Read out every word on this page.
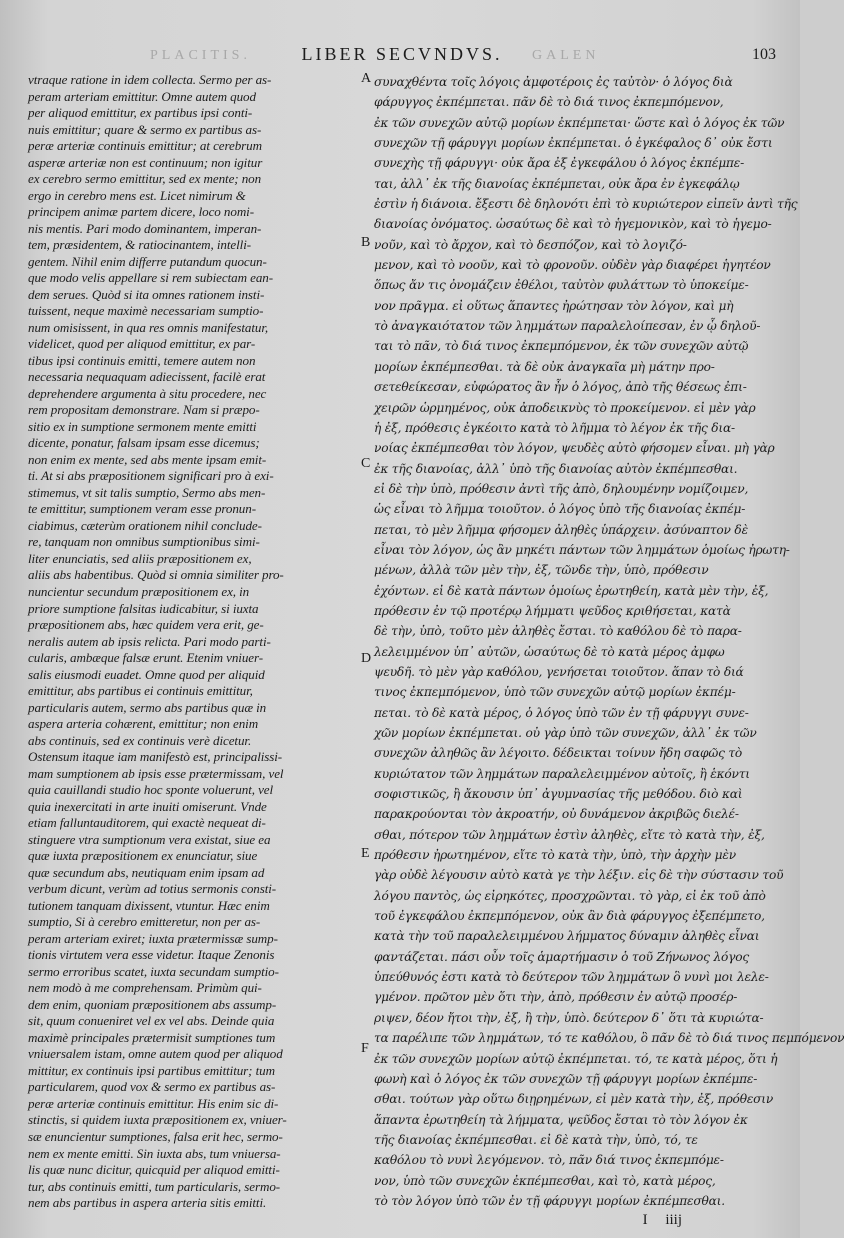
PLACITIS.	LIBER SECVNDVS.	GALEN	103
vtraque ratione in idem collecta. Sermo per as-
peram arteriam emittitur. Omne autem quod
per aliquod emittitur, ex partibus ipsi conti-
nuis emittitur; quare & sermo ex partibus as-
peræ arteriæ continuis emittitur; at cerebrum
asperæ arteriæ non est continuum; non igitur
ex cerebro sermo emittitur, sed ex mente; non
ergo in cerebro mens est. Licet nimirum &
principem animæ partem dicere, loco nomi-
nis mentis. Pari modo dominantem, imperan-
tem, præsidentem, & ratiocinantem, intelli-
gentem. Nihil enim differre putandum quocun-
que modo velis appellare si rem subiectam ean-
dem serues. Quòd si ita omnes rationem insti-
tuissent, neque maximè necessariam sumptio-
num omisissent, in qua res omnis manifestatur,
videlicet, quod per aliquod emittitur, ex par-
tibus ipsi continuis emitti, temere autem non
necessaria nequaquam adiecissent, facilè erat
deprehendere argumenta à situ procedere, nec
rem propositam demonstrare. Nam si præpo-
sitio ex in sumptione sermonem mente emitti
dicente, ponatur, falsam ipsam esse dicemus;
non enim ex mente, sed abs mente ipsam emit-
ti. At si abs præpositionem significari pro à exi-
stimemus, vt sit talis sumptio, Sermo abs men-
te emittitur, sumptionem veram esse pronun-
ciabimus, cæterùm orationem nihil conclude-
re, tanquam non omnibus sumptionibus simi-
liter enunciatis, sed aliis præpositionem ex,
aliis abs habentibus. Quòd si omnia similiter pro-
nuncientur secundum præpositionem ex, in
priore sumptione falsitas iudicabitur, si iuxta
præpositionem abs, hæc quidem vera erit, ge-
neralis autem ab ipsis relicta. Pari modo parti-
cularis, ambæque falsæ erunt. Etenim vniuer-
salis eiusmodi euadet. Omne quod per aliquid
emittitur, abs partibus ei continuis emittitur,
particularis autem, sermo abs partibus quæ in
aspera arteria cohærent, emittitur; non enim
abs continuis, sed ex continuis verè dicetur.
Ostensum itaque iam manifestò est, principalissi-
mam sumptionem ab ipsis esse prætermissam, vel
quia cauillandi studio hoc sponte voluerunt, vel
quia inexercitati in arte inuiti omiserunt. Vnde
etiam falluntauditorem, qui exactè nequeat di-
stinguere vtra sumptionum vera existat, siue ea
quæ iuxta præpositionem ex enunciatur, siue
quæ secundum abs, neutiquam enim ipsam ad
verbum dicunt, verùm ad totius sermonis consti-
tutionem tanquam dixissent, vtuntur. Hæc enim
sumptio, Si à cerebro emitteretur, non per as-
peram arteriam exiret; iuxta prætermissæ sump-
tionis virtutem vera esse videtur. Itaque Zenonis
sermo erroribus scatet, iuxta secundam sumptio-
nem modò à me comprehensam. Primùm qui-
dem enim, quoniam præpositionem abs assump-
sit, quum conueniret vel ex vel abs. Deinde quia
maximè principales prætermisit sumptiones tum
vniuersalem istam, omne autem quod per aliquod
mittitur, ex continuis ipsi partibus emittitur; tum
particularem, quod vox & sermo ex partibus as-
peræ arteriæ continuis emittitur. His enim sic di-
stinctis, si quidem iuxta præpositionem ex, vniuer-
sæ enuncientur sumptiones, falsa erit hec, sermo-
nem ex mente emitti. Sin iuxta abs, tum vniuersa-
lis quæ nunc dicitur, quicquid per aliquod emitti-
tur, abs continuis emitti, tum particularis, sermo-
nem abs partibus in aspera arteria sitis emitti.
A
B
C
D
E
F
συναχθέντα τοῖς λόγοις ἀμφοτέροις ἐς ταὐτὸν· ὁ λόγος διὰ
φάρυγγος ἐκπέμπεται. πᾶν δὲ τὸ διά τινος ἐκπεμπόμενον,
ἐκ τῶν συνεχῶν αὐτῷ μορίων ἐκπέμπεται· ὥστε καὶ ὁ λόγος ἐκ τῶν
συνεχῶν τῇ φάρυγγι μορίων ἐκπέμπεται. ὁ ἐγκέφαλος δ᾿ οὐκ ἔστι
συνεχὴς τῇ φάρυγγι· οὐκ ἄρα ἐξ ἐγκεφάλου ὁ λόγος ἐκπέμπε-
ται, ἀλλ᾿ ἐκ τῆς διανοίας ἐκπέμπεται, οὐκ ἄρα ἐν ἐγκεφάλῳ
ἐστὶν ἡ διάνοια. ἔξεστι δὲ δηλονότι ἐπὶ τὸ κυριώτερον εἰπεῖν ἀντὶ τῆς
διανοίας ὀνόματος. ὡσαύτως δὲ καὶ τὸ ἡγεμονικὸν, καὶ τὸ ἡγεμο-
νοῦν, καὶ τὸ ἄρχον, καὶ τὸ δεσπόζον, καὶ τὸ λογιζό-
μενον, καὶ τὸ νοοῦν, καὶ τὸ φρονοῦν. οὐδὲν γὰρ διαφέρει ἡγητέον
ὅπως ἄν τις ὀνομάζειν ἐθέλοι, ταὐτὸν φυλάττων τὸ ὑποκείμε-
νον πρᾶγμα. εἰ οὕτως ἅπαντες ἠρώτησαν τὸν λόγον, καὶ μὴ
τὸ ἀναγκαιότατον τῶν λημμάτων παραλελοίπεσαν, ἐν ᾧ δηλοῦ-
ται τὸ πᾶν, τὸ διά τινος ἐκπεμπόμενον, ἐκ τῶν συνεχῶν αὐτῷ
μορίων ἐκπέμπεσθαι. τὰ δὲ οὐκ ἀναγκαῖα μὴ μάτην προ-
σετεθείκεσαν, εὐφώρατος ἂν ἦν ὁ λόγος, ἀπὸ τῆς θέσεως ἐπι-
χειρῶν ὡρμημένος, οὐκ ἀποδεικνὺς τὸ προκείμενον. εἰ μὲν γὰρ
ἡ ἐξ, πρόθεσις ἐγκέοιτο κατὰ τὸ λῆμμα τὸ λέγον ἐκ τῆς δια-
νοίας ἐκπέμπεσθαι τὸν λόγον, ψευδὲς αὐτὸ φήσομεν εἶναι. μὴ γὰρ
ἐκ τῆς διανοίας, ἀλλ᾿ ὑπὸ τῆς διανοίας αὐτὸν ἐκπέμπεσθαι.
εἰ δὲ τὴν ὑπὸ, πρόθεσιν ἀντὶ τῆς ἀπὸ, δηλουμένην νομίζοιμεν,
ὡς εἶναι τὸ λῆμμα τοιοῦτον. ὁ λόγος ὑπὸ τῆς διανοίας ἐκπέμ-
πεται, τὸ μὲν λῆμμα φήσομεν ἀληθὲς ὑπάρχειν. ἀσύναπτον δὲ
εἶναι τὸν λόγον, ὡς ἂν μηκέτι πάντων τῶν λημμάτων ὁμοίως ἠρωτη-
μένων, ἀλλὰ τῶν μὲν τὴν, ἐξ, τῶνδε τὴν, ὑπὸ, πρόθεσιν
ἐχόντων. εἰ δὲ κατὰ πάντων ὁμοίως ἐρωτηθείη, κατὰ μὲν τὴν, ἐξ,
πρόθεσιν ἐν τῷ προτέρῳ λήμματι ψεῦδος κριθήσεται, κατὰ
δὲ τὴν, ὑπὸ, τοῦτο μὲν ἀληθὲς ἔσται. τὸ καθόλου δὲ τὸ παρα-
λελειμμένον ὑπ᾿ αὐτῶν, ὡσαύτως δὲ τὸ κατὰ μέρος ἀμφω
ψευδῆ. τὸ μὲν γὰρ καθόλου, γενήσεται τοιοῦτον. ἅπαν τὸ διά
τινος ἐκπεμπόμενον, ὑπὸ τῶν συνεχῶν αὐτῷ μορίων ἐκπέμ-
πεται. τὸ δὲ κατὰ μέρος, ὁ λόγος ὑπὸ τῶν ἐν τῇ φάρυγγι συνε-
χῶν μορίων ἐκπέμπεται. οὐ γὰρ ὑπὸ τῶν συνεχῶν, ἀλλ᾿ ἐκ τῶν
συνεχῶν ἀληθῶς ἂν λέγοιτο. δέδεικται τοίνυν ἤδη σαφῶς τὸ
κυριώτατον τῶν λημμάτων παραλελειμμένον αὐτοῖς, ἢ ἑκόντι
σοφιστικῶς, ἢ ἄκουσιν ὑπ᾿ ἀγυμνασίας τῆς μεθόδου. διὸ καὶ
παρακρούονται τὸν ἀκροατήν, οὐ δυνάμενον ἀκριβῶς διελέ-
σθαι, πότερον τῶν λημμάτων ἐστὶν ἀληθὲς, εἴτε τὸ κατὰ τὴν, ἐξ,
πρόθεσιν ἠρωτημένον, εἴτε τὸ κατὰ τὴν, ὑπὸ, τὴν ἀρχὴν μὲν
γὰρ οὐδὲ λέγουσιν αὐτὸ κατὰ γε τὴν λέξιν. εἰς δὲ τὴν σύστασιν τοῦ
λόγου παντὸς, ὡς εἰρηκότες, προσχρῶνται. τὸ γὰρ, εἰ ἐκ τοῦ ἀπὸ
τοῦ ἐγκεφάλου ἐκπεμπόμενον, οὐκ ἂν διὰ φάρυγγος ἐξεπέμπετο,
κατὰ τὴν τοῦ παραλελειμμένου λήμματος δύναμιν ἀληθὲς εἶναι
φαντάζεται. πάσι οὖν τοῖς ἁμαρτήμασιν ὁ τοῦ Ζήνωνος λόγος
ὑπεύθυνός ἐστι κατὰ τὸ δεύτερον τῶν λημμάτων ὃ νυνὶ μοι λελε-
γμένον. πρῶτον μὲν ὅτι τὴν, ἀπὸ, πρόθεσιν ἐν αὐτῷ προσέρ-
ριψεν, δέον ἤτοι τὴν, ἐξ, ἢ τὴν, ὑπὸ. δεύτερον δ᾿ ὅτι τὰ κυριώτα-
τα παρέλιπε τῶν λημμάτων, τό τε καθόλου, ὃ πᾶν δὲ τὸ διά τινος πεμπόμενον
ἐκ τῶν συνεχῶν μορίων αὐτῷ ἐκπέμπεται. τό, τε κατὰ μέρος, ὅτι ἡ
φωνὴ καὶ ὁ λόγος ἐκ τῶν συνεχῶν τῇ φάρυγγι μορίων ἐκπέμπε-
σθαι. τούτων γὰρ οὕτω διῃρημένων, εἰ μὲν κατὰ τὴν, ἐξ, πρόθεσιν
ἅπαντα ἐρωτηθείη τὰ λήμματα, ψεῦδος ἔσται τὸ τὸν λόγον ἐκ
τῆς διανοίας ἐκπέμπεσθαι. εἰ δὲ κατὰ τὴν, ὑπὸ, τό, τε
καθόλου τὸ νυνὶ λεγόμενον. τὸ, πᾶν διά τινος ἐκπεμπόμε-
νον, ὑπὸ τῶν συνεχῶν ἐκπέμπεσθαι, καὶ τὸ, κατὰ μέρος,
τὸ τὸν λόγον ὑπὸ τῶν ἐν τῇ φάρυγγι μορίων ἐκπέμπεσθαι.
I iiij
